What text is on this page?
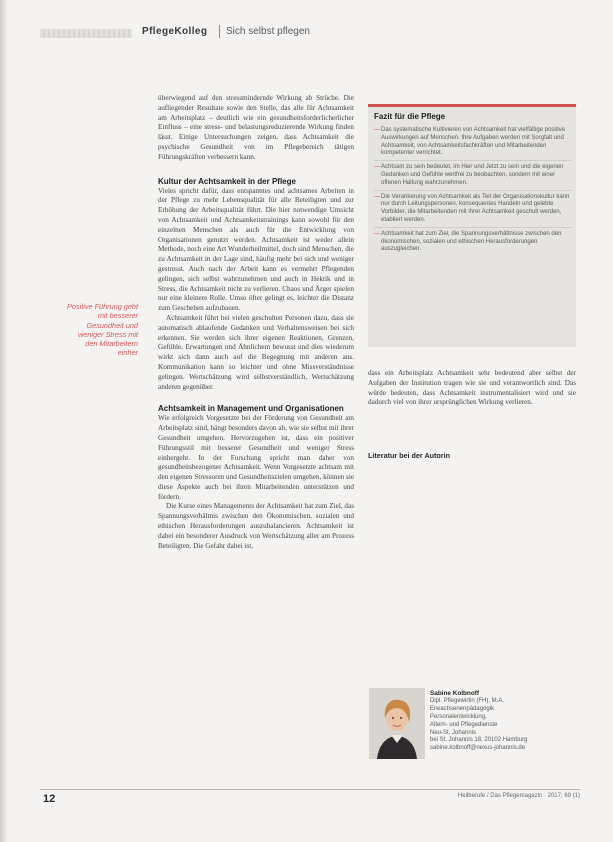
PflegeKolleg Sich selbst pflegen

überwiegend auf den stressmindernde Wirkung ab Strüche. Die aufliegender Resultate sowie den Stelle, das alle für Achtsamkeit am Arbeitsplatz – deutlich wie ein gesundheitsforderlicherlicher Einfluss – eine stress- und belastungsreduzierende Wirkung finden lässt. Einige Untersuchungen zeigen, dass Achtsamkeit die psychische Gesundheit von im Pflegebereich tätigen Führungskräften verbessern kann.

Kultur der Achtsamkeit in der Pflege

Vieles spricht dafür, dass entspanntes und achtsames Arbeiten in der Pflege zu mehr Lebensqualität für alle Beteiligten und zur Erhöhung der Arbeitsqualität führt. Die hier notwendige Umsicht von Achtsamkeit und Achtsamkeitstrainings kann sowohl für den einzelnen Menschen als auch für die Entwicklung von Organisationen genutzt werden. Achtsamkeit ist weder allein Methode, noch eine Art Wunderheilmittel, doch sind Menschen, die zu Achtsamkeit in der Lage sind, häufig mehr bei sich und weniger gestresst. Auch nach der Arbeit kann es vermehrt Pflegenden gelingen, sich selbst wahrzunehmen und auch in Hektik und in Stress, die Achtsamkeit nicht zu verlieren. Chaos und Ärger spielen nur eine kleinere Rolle. Umso öfter gelingt es, leichter die Distanz zum Geschehen aufzubauen.

Achtsamkeit führt bei vielen geschulten Personen dazu, dass sie automatisch ablaufende Gedanken und Verhaltensweisen bei sich erkennen. Sie werden sich ihrer eigenen Reaktionen, Grenzen, Gefühle, Erwartungen und Ähnlichem bewusst und dies wiederum wirkt sich dann auch auf die Begegnung mit anderen aus. Kommunikation kann so leichter und ohne Missverständnisse gelingen. Wertschätzung wird selbstverständlich, Wertschätzung anderen gegenüber.

Achtsamkeit in Management und Organisationen

Wie erfolgreich Vorgesetzte bei der Förderung von Gesundheit am Arbeitsplatz sind, hängt besonders davon ab, wie sie selbst mit ihrer Gesundheit umgehen. Hervorzugehen ist, dass ein positiver Führungsstil mit besserer Gesundheit und weniger Stress einhergeht. In der Forschung spricht man daher von gesundheitsbezogener Achtsamkeit. Wenn Vorgesetzte achtsam mit den eigenen Stressoren und Gesundheitszielen umgehen, können sie diese Aspekte auch bei ihren Mitarbeitenden unterstützen und fördern.

Die Kurse eines Managements der Achtsamkeit hat zum Ziel, das Spannungsverhältnis zwischen den Ökonomischen, sozialen und ethischen Herausforderungen auszubalancieren. Achtsamkeit ist dabei ein besonderer Ausdruck von Wertschätzung aller am Prozess Beteiligten. Die Gefahr dabei ist,

Positive Führung geht mit besserer Gesundheit und weniger Stress mit den Mitarbeitern einher
Fazit für die Pflege
— Das systematische Kultivieren von Achtsamkeit hat vielfältige positive Auswirkungen auf Menschen. Ihre Aufgaben werden mit Sorgfalt und Achtsamkeit, von Achtsamkeitsfachkräften und Mitarbeitenden kompetenter verrichtet.
— Achtsam zu sein bedeutet, im Hier und Jetzt zu sein und die eigenen Gedanken und Gefühle wertfrei zu beobachten, sondern mit einer offenen Haltung wahrzunehmen.
— Die Verankerung von Achtsamkeit als Teil der Organisationskultur kann nur durch Leitungspersonen, konsequentes Handeln und gelebte Vorbilder, die Mitarbeitenden mit ihrer Achtsamkeit geschult werden, etabliert werden.
— Achtsamkeit hat zum Ziel, die Spannungsverhältnisse zwischen den ökonomischen, sozialen und ethischen Herausforderungen auszugleichen.

dass ein Arbeitsplatz Achtsamkeit sehr bedeutend aber selbst der Aufgaben der Institution tragen wie sie und verantwortlich sind. Das würde bedeuten, dass Achtsamkeit instrumentalisiert wird und sie dadurch viel von ihrer ursprünglichen Wirkung verlieren.

Literatur bei der Autorin
Sabine Kolbnoff
Dipl. Pflegewirtin (FH), M.A.
Erwachsenenpädagogik
Personalentwicklung,
Altern- und Pflegedienste
Neu-St. Johannis
bei St. Johannis 18, 20102 Hamburg
sabine.kolbnoff@nexus-johannis.de
12	Heilberufe / Das Pflegemagazin · 2017; 69 (1)
